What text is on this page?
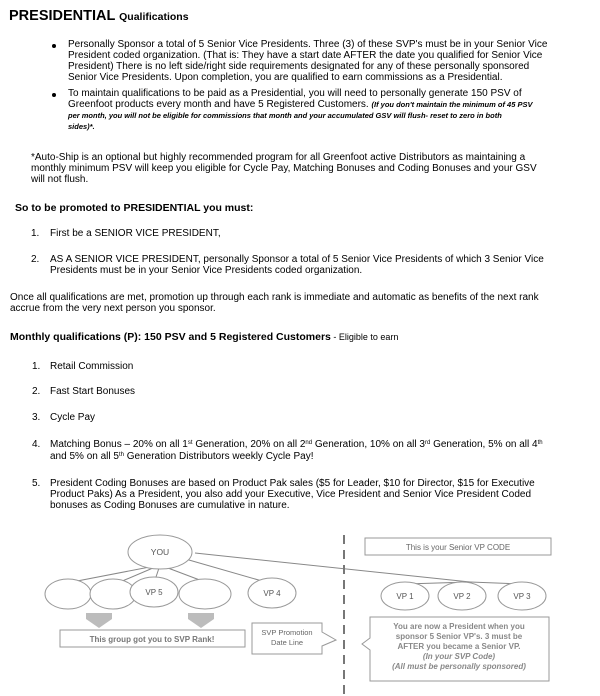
PRESIDENTIAL Qualifications
Personally Sponsor a total of 5 Senior Vice Presidents. Three (3) of these SVP's must be in your Senior Vice
President coded organization. (That is: They have a start date AFTER the date you qualified for Senior Vice
President) There is no left side/right side requirements designated for any of these personally sponsored
Senior Vice Presidents. Upon completion, you are qualified to earn commissions as a Presidential.
To maintain qualifications to be paid as a Presidential, you will need to personally generate 150 PSV of
Greenfoot products every month and have 5 Registered Customers. (If you don't maintain the minimum of 45 PSV
per month, you will not be eligible for commissions that month and your accumulated GSV will flush- reset to zero in both
sides)*.
*Auto-Ship is an optional but highly recommended program for all Greenfoot active Distributors as maintaining a
monthly minimum PSV will keep you eligible for Cycle Pay, Matching Bonuses and Coding Bonuses and your GSV
will not flush.
So to be promoted to PRESIDENTIAL you must:
1. First be a SENIOR VICE PRESIDENT,
2. AS A SENIOR VICE PRESIDENT, personally Sponsor a total of 5 Senior Vice Presidents of which 3 Senior Vice
Presidents must be in your Senior Vice Presidents coded organization.
Once all qualifications are met, promotion up through each rank is immediate and automatic as benefits of the next rank
accrue from the very next person you sponsor.
Monthly qualifications (P): 150 PSV and 5 Registered Customers - Eligible to earn
1. Retail Commission
2. Fast Start Bonuses
3. Cycle Pay
4. Matching Bonus – 20% on all 1st Generation, 20% on all 2nd Generation, 10% on all 3rd Generation, 5% on all 4th
and 5% on all 5th Generation Distributors weekly Cycle Pay!
5. President Coding Bonuses are based on Product Pak sales ($5 for Leader, $10 for Director, $15 for Executive
Product Paks) As a President, you also add your Executive, Vice President and Senior Vice President Coded
bonuses as Coding Bonuses are cumulative in nature.
YOU
VP 5	VP 4	VP 1	VP 2	VP 3
This is your Senior VP CODE
This group got you to SVP Rank!
SVP Promotion
Date Line
You are now a President when you
sponsor 5 Senior VP's. 3 must be
AFTER you became a Senior VP.
(In your SVP Code)
(All must be personally sponsored)
